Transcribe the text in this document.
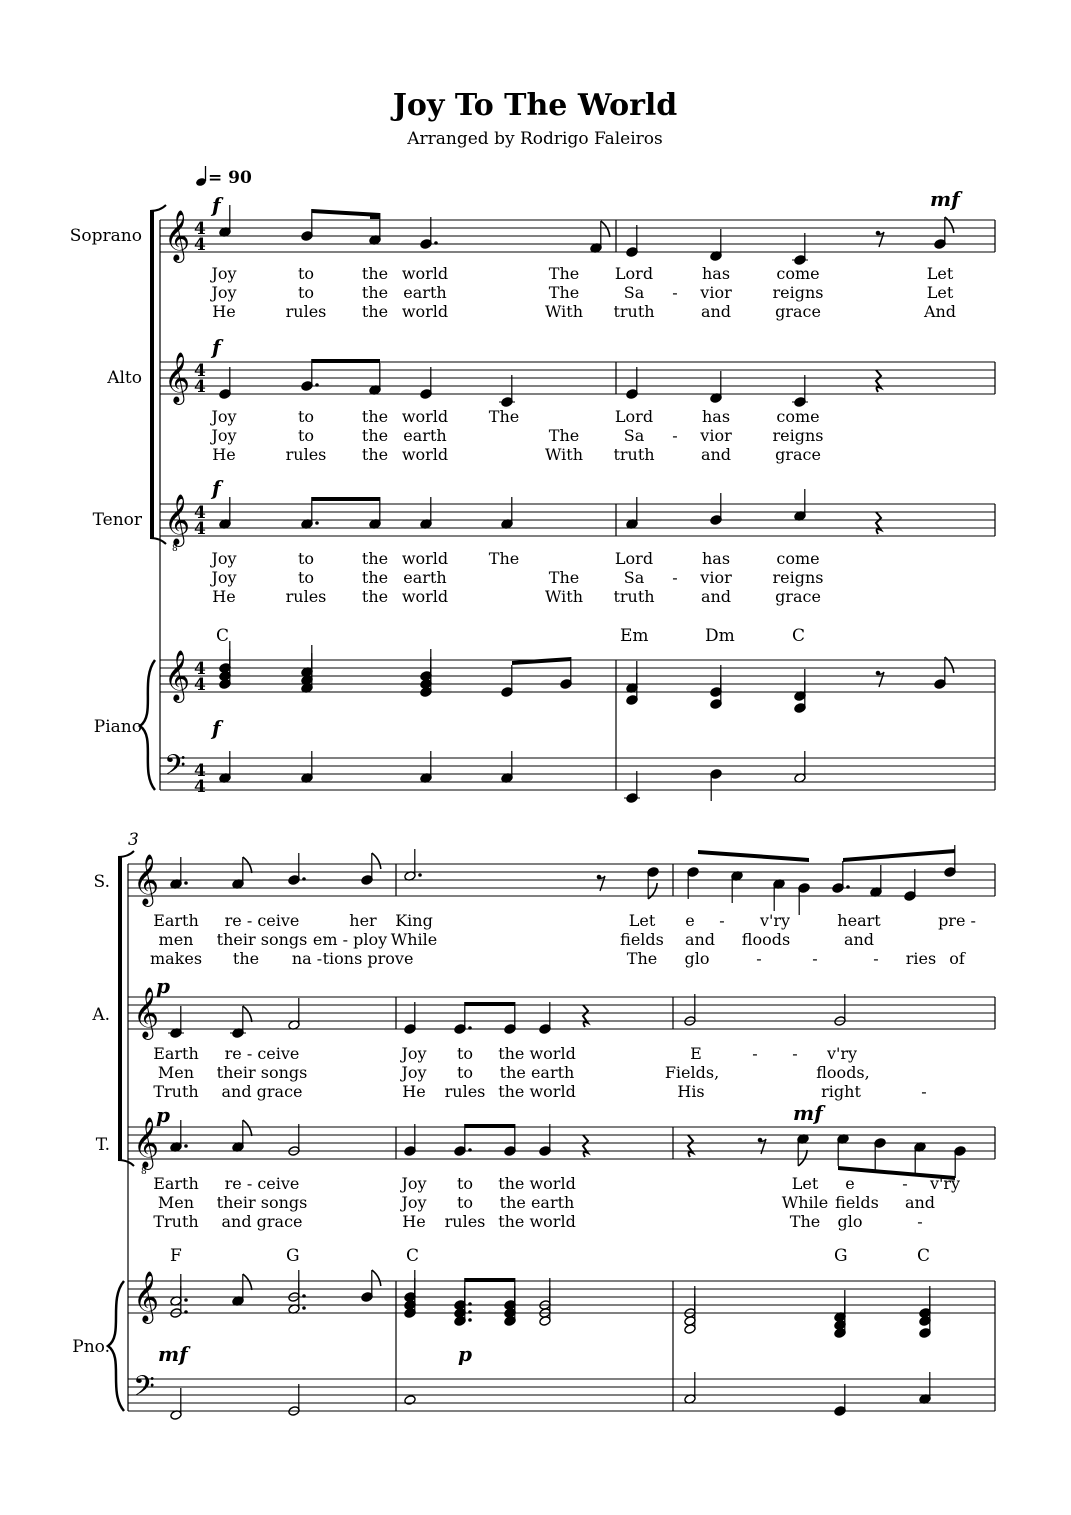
Joy To The World
Arranged by Rodrigo Faleiros
= 90
Soprano
Alto
Tenor
Piano
𝄞
𝄞
𝄞
8
𝄞
𝄢
4
4
4
4
4
4
4
4
4
4
f	mf
f
f
f
C	Em	Dm	C
Joy	to	the world	The Lord	has	come	Let
Joy	to	the earth	The	Sa - vior	reigns	Let
He	rules the world	With truth	and	grace	And
Joy	to	the world	The	Lord	has	come
Joy	to	the earth	The	Sa - vior	reigns
He	rules the world	With truth	and	grace
Joy	to	the world	The	Lord	has	come
Joy	to	the earth	The	Sa - vior	reigns
He	rules the world	With truth	and	grace
3
S.
A.
T.
Pno.
𝄞
𝄞
𝄞
8
𝄞
𝄢
p
p	mf
mf	p
F	G	C	G	C
Earth re - ceive	her King	Let e - v'ry	heart	pre -
men their songs em - ploy While	fields and floods	and
makes the na - tions prove	The glo	-	-	- ries of
Earth re - ceive	Joy to the world	E	- - v'ry
Men their songs	Joy to the earth	Fields,	floods,
Truth and grace	He rules the world	His	right	-
Earth re - ceive	Joy to the world	Let e	- v'ry
Men their songs	Joy to the earth	While fields and
Truth and grace	He rules the world	The glo	-
